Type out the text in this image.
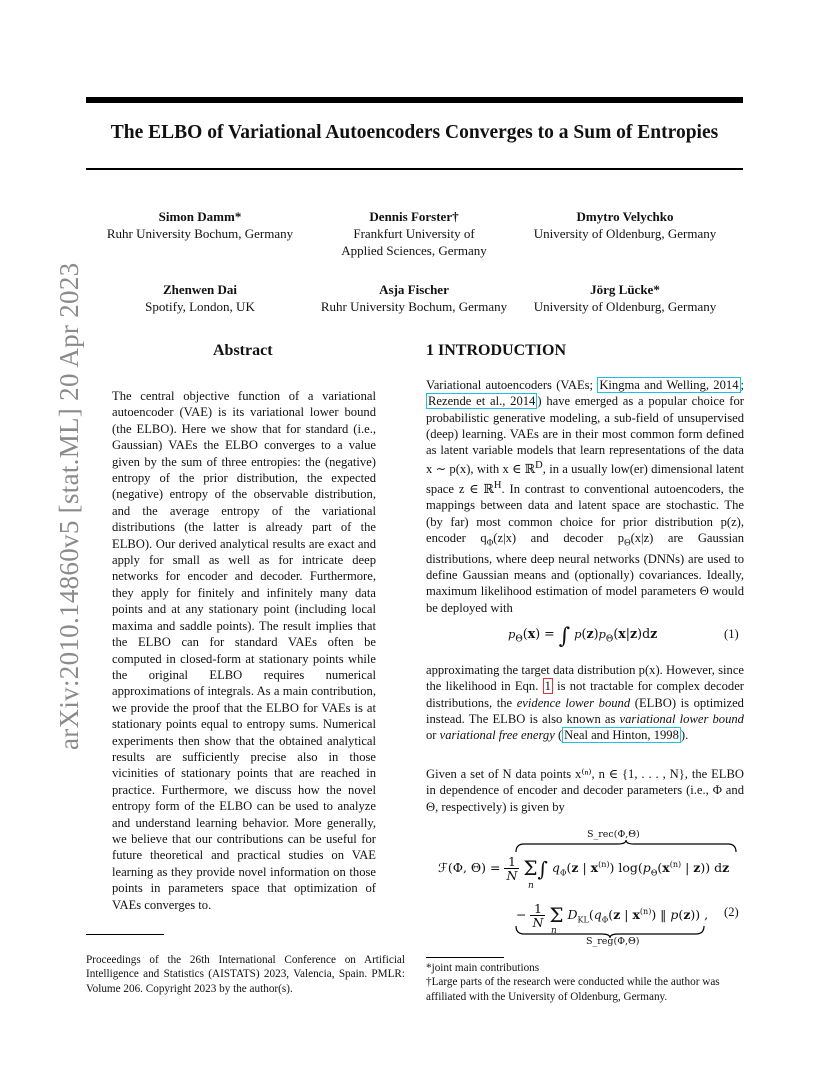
arXiv:2010.14860v5 [stat.ML] 20 Apr 2023
The ELBO of Variational Autoencoders Converges to a Sum of Entropies
Simon Damm*
Ruhr University Bochum, Germany
Dennis Forster†
Frankfurt University of
Applied Sciences, Germany
Dmytro Velychko
University of Oldenburg, Germany
Zhenwen Dai
Spotify, London, UK
Asja Fischer
Ruhr University Bochum, Germany
Jörg Lücke*
University of Oldenburg, Germany
Abstract

The central objective function of a variational autoencoder (VAE) is its variational lower bound (the ELBO). Here we show that for standard (i.e., Gaussian) VAEs the ELBO converges to a value given by the sum of three entropies: the (negative) entropy of the prior distribution, the expected (negative) entropy of the observable distribution, and the average entropy of the variational distributions (the latter is already part of the ELBO). Our derived analytical results are exact and apply for small as well as for intricate deep networks for encoder and decoder. Furthermore, they apply for finitely and infinitely many data points and at any stationary point (including local maxima and saddle points). The result implies that the ELBO can for standard VAEs often be computed in closed-form at stationary points while the original ELBO requires numerical approximations of integrals. As a main contribution, we provide the proof that the ELBO for VAEs is at stationary points equal to entropy sums. Numerical experiments then show that the obtained analytical results are sufficiently precise also in those vicinities of stationary points that are reached in practice. Furthermore, we discuss how the novel entropy form of the ELBO can be used to analyze and understand learning behavior. More generally, we believe that our contributions can be useful for future theoretical and practical studies on VAE learning as they provide novel information on those points in parameters space that optimization of VAEs converges to.

1 INTRODUCTION

Variational autoencoders (VAEs; Kingma and Welling, 2014 ; Rezende et al., 2014 ) have emerged as a popular choice for probabilistic generative modeling, a sub-field of unsupervised (deep) learning. VAEs are in their most common form defined as latent variable models that learn representations of the data x ∼ p(x), with x ∈ ℝ$^D$, in a usually low(er) dimensional latent space z ∈ ℝ$^H$. In contrast to conventional autoencoders, the mappings between data and latent space are stochastic. The (by far) most common choice for prior distribution p(z), encoder $q_\Phi(z|x)$ and decoder $p_\Theta(x|z)$ are Gaussian distributions, where deep neural networks (DNNs) are used to define Gaussian means and (optionally) covariances. Ideally, maximum likelihood estimation of model parameters Θ would be deployed with

$p_\Theta(x)$ = ∫ $p(z)p_\Theta(x|z)dz$	(1)

approximating the target data distribution p(x). However, since the likelihood in Eqn. 1 is not tractable for complex decoder distributions, the evidence lower bound (ELBO) is optimized instead. The ELBO is also known as variational lower bound or variational free energy ( Neal and Hinton, 1998 ).

Given a set of N data points x⁽ⁿ⁾, n ∈ {1, . . . , N}, the ELBO in dependence of encoder and decoder parameters (i.e., Φ and Θ, respectively) is given by

S_rec(Φ,Θ)
ℱ(Φ, Θ) = 1
N Σ∫ $q_\Phi(z$ | $x^{(n)}$) $\log(p_\Theta(x^{(n)}$ | z)) dz
n
− 1
N Σ $D_{KL}(q_\Phi(z$ | $x^{(n)}$) ‖ p(z)) ,
n
(2)
S_reg(Φ,Θ)
Proceedings of the 26th International Conference on Artificial Intelligence and Statistics (AISTATS) 2023, Valencia, Spain. PMLR: Volume 206. Copyright 2023 by the author(s).
*joint main contributions
†Large parts of the research were conducted while the author was affiliated with the University of Oldenburg, Germany.
